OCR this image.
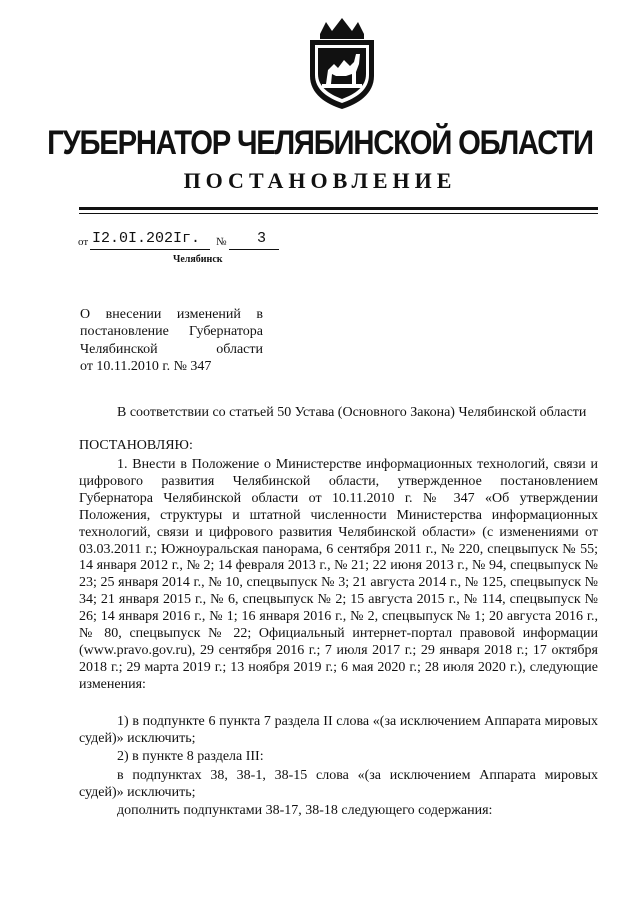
ГУБЕРНАТОР ЧЕЛЯБИНСКОЙ ОБЛАСТИ
ПОСТАНОВЛЕНИЕ
от I2.0I.202Iг. № 3
Челябинск
О внесении изменений в
постановление Губернатора
Челябинской области
от 10.11.2010 г. № 347
В соответствии со статьей 50 Устава (Основного Закона) Челябинской области
ПОСТАНОВЛЯЮ:
1. Внести в Положение о Министерстве информационных технологий, связи и цифрового развития Челябинской области, утвержденное постановлением Губернатора Челябинской области от 10.11.2010 г. № 347 «Об утверждении Положения, структуры и штатной численности Министерства информационных технологий, связи и цифрового развития Челябинской области» (с изменениями от 03.03.2011 г.; Южноуральская панорама, 6 сентября 2011 г., № 220, спецвыпуск № 55; 14 января 2012 г., № 2; 14 февраля 2013 г., № 21; 22 июня 2013 г., № 94, спецвыпуск № 23; 25 января 2014 г., № 10, спецвыпуск № 3; 21 августа 2014 г., № 125, спецвыпуск № 34; 21 января 2015 г., № 6, спецвыпуск № 2; 15 августа 2015 г., № 114, спецвыпуск № 26; 14 января 2016 г., № 1; 16 января 2016 г., № 2, спецвыпуск № 1; 20 августа 2016 г., № 80, спецвыпуск № 22; Официальный интернет-портал правовой информации (www.pravo.gov.ru), 29 сентября 2016 г.; 7 июля 2017 г.; 29 января 2018 г.; 17 октября 2018 г.; 29 марта 2019 г.; 13 ноября 2019 г.; 6 мая 2020 г.; 28 июля 2020 г.), следующие изменения:
1) в подпункте 6 пункта 7 раздела II слова «(за исключением Аппарата мировых судей)» исключить;
2) в пункте 8 раздела III:
в подпунктах 38, 38-1, 38-15 слова «(за исключением Аппарата мировых судей)» исключить;
дополнить подпунктами 38-17, 38-18 следующего содержания:
